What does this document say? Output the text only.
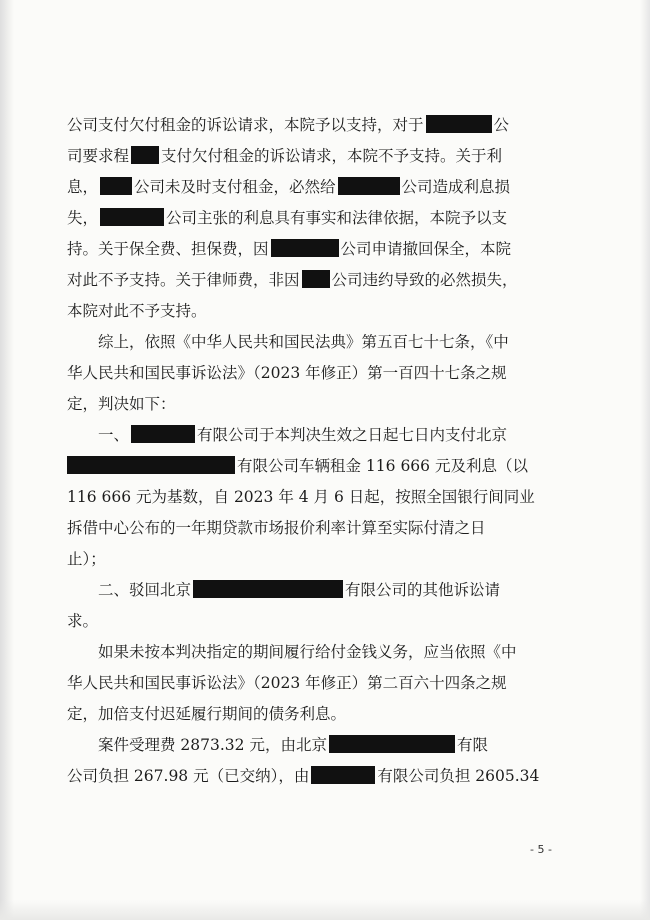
公司支付欠付租金的诉讼请求，本院予以支持，对于	公
司要求程 支付欠付租金的诉讼请求，本院不予支持。关于利
息， 公司未及时支付租金，必然给	公司造成利息损
失，	公司主张的利息具有事实和法律依据，本院予以支
持。关于保全费、担保费，因	公司申请撤回保全，本院
对此不予支持。关于律师费，非因 公司违约导致的必然损失，
本院对此不予支持。
　　综上，依照《中华人民共和国民法典》第五百七十七条，《中
华人民共和国民事诉讼法》（2023 年修正）第一百四十七条之规
定，判决如下：
　　一、	有限公司于本判决生效之日起七日内支付北京
有限公司车辆租金 116 666 元及利息（以
116 666 元为基数，自 2023 年 4 月 6 日起，按照全国银行间同业
拆借中心公布的一年期贷款市场报价利率计算至实际付清之日
止）；
　　二、驳回北京	有限公司的其他诉讼请
求。
　　如果未按本判决指定的期间履行给付金钱义务，应当依照《中
华人民共和国民事诉讼法》（2023 年修正）第二百六十四条之规
定，加倍支付迟延履行期间的债务利息。
　　案件受理费 2873.32 元，由北京	有限
公司负担 267.98 元（已交纳），由	有限公司负担 2605.34
- 5 -
